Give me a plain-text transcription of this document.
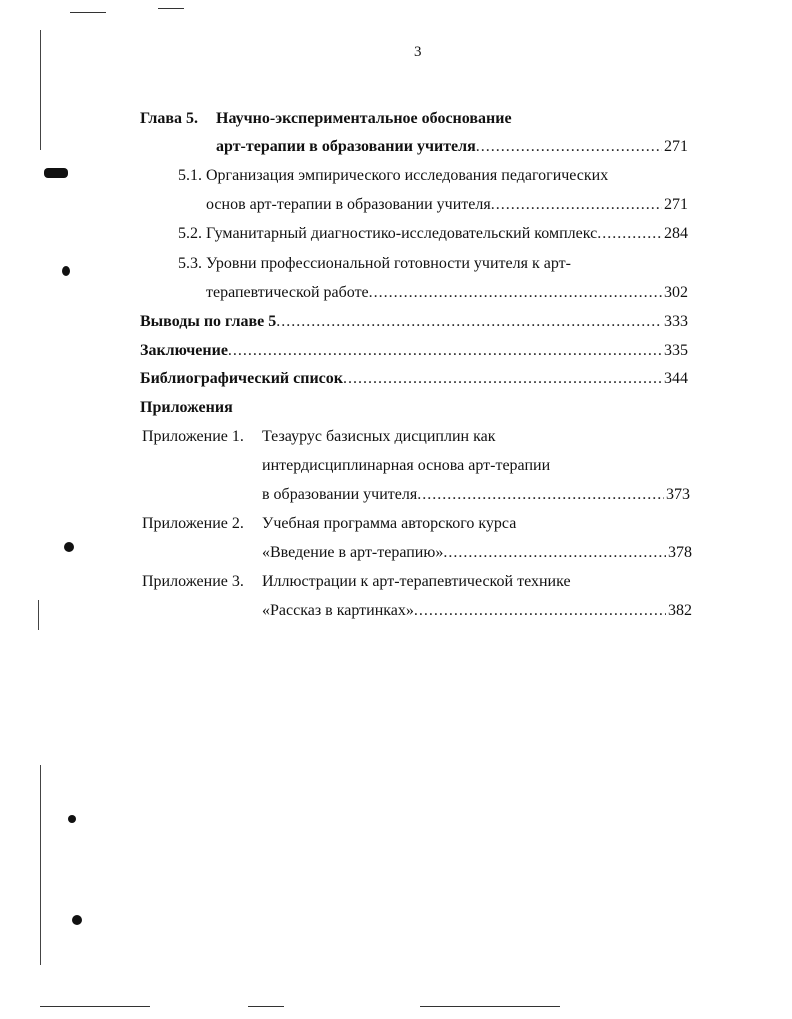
3
Глава 5. Научно-экспериментальное обоснование
арт-терапии в образовании учителя .....	271
5.1. Организация эмпирического исследования педагогических
основ арт-терапии в образовании учителя .....	271
5.2. Гуманитарный диагностико-исследовательский комплекс .....	284
5.3. Уровни профессиональной готовности учителя к арт-
терапевтической работе .....	302
Выводы по главе 5 .....	333
Заключение .....	335
Библиографический список .....	344
Приложения
Приложение 1. Тезаурус базисных дисциплин как
интердисциплинарная основа арт-терапии
в образовании учителя .....	373
Приложение 2. Учебная программа авторского курса
«Введение в арт-терапию» .....	378
Приложение 3. Иллюстрации к арт-терапевтической технике
«Рассказ в картинках» .....	382
